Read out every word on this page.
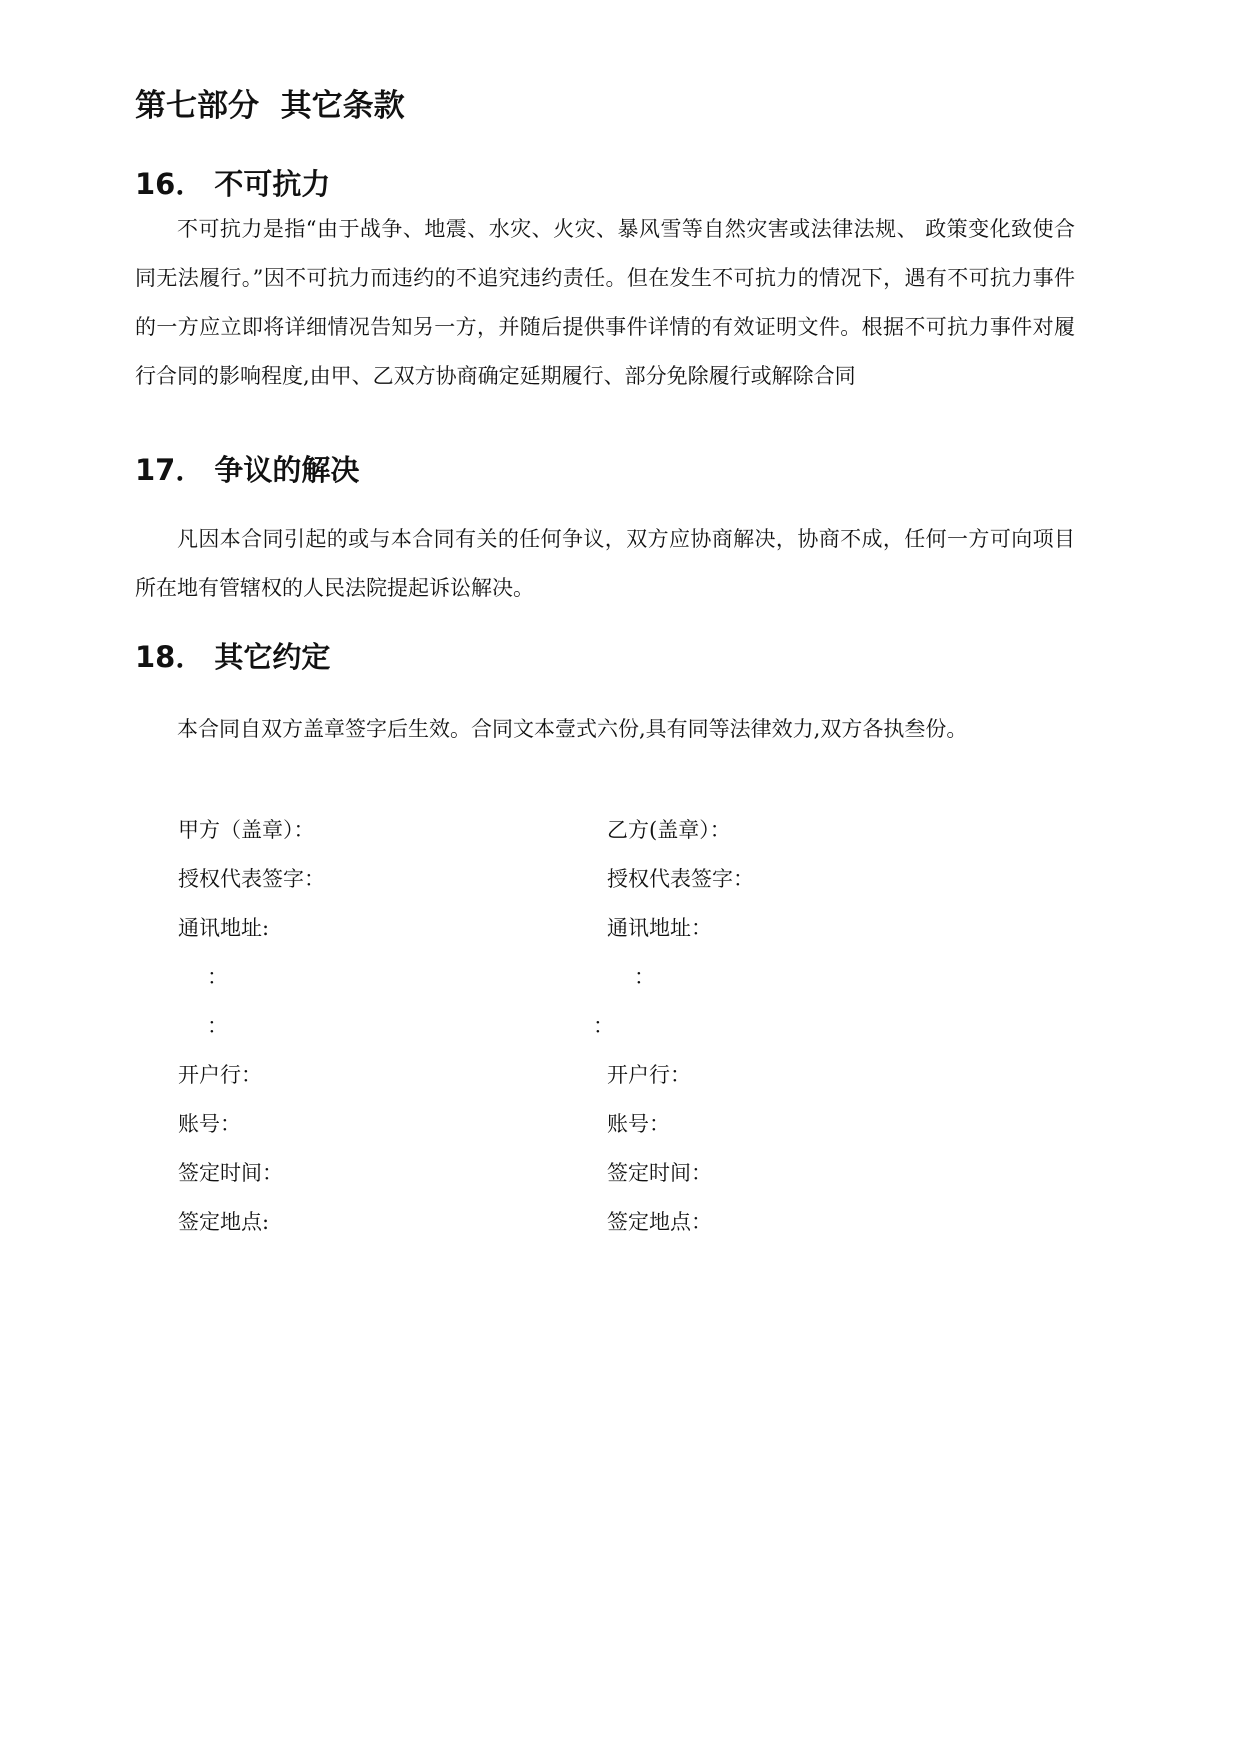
第七部分  其它条款
16． 不可抗力

不可抗力是指“由于战争、地震、水灾、火灾、暴风雪等自然灾害或法律法规、 政策变化致使合同无法履行。”因不可抗力而违约的不追究违约责任。但在发生不可抗力的情况下，遇有不可抗力事件的一方应立即将详细情况告知另一方，并随后提供事件详情的有效证明文件。根据不可抗力事件对履行合同的影响程度,由甲、乙双方协商确定延期履行、部分免除履行或解除合同

17． 争议的解决

凡因本合同引起的或与本合同有关的任何争议，双方应协商解决，协商不成，任何一方可向项目所在地有管辖权的人民法院提起诉讼解决。

18． 其它约定

本合同自双方盖章签字后生效。合同文本壹式六份,具有同等法律效力,双方各执叁份。

甲方（盖章）：

授权代表签字：

通讯地址:

：

：

开户行：

账号：

签定时间：

签定地点:

乙方(盖章）：

授权代表签字：

通讯地址：

：

：

开户行：

账号：

签定时间：

签定地点：
